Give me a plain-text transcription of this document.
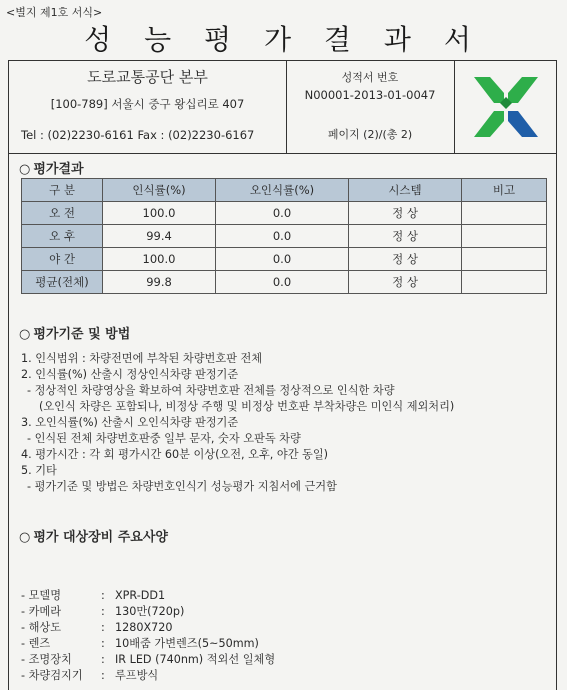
<별지 제1호 서식>
성 능 평 가 결 과 서
도로교통공단 본부
[100-789] 서울시 중구 왕십리로 407
Tel : (02)2230-6161 Fax : (02)2230-6167
성적서 번호
N00001-2013-01-0047
페이지 (2)/(총 2)
○ 평가결과
구 분	인식률(%)	오인식률(%)	시스템	비고
오 전	100.0	0.0	정 상	
오 후	99.4	0.0	정 상	
야 간	100.0	0.0	정 상	
평균(전체)	99.8	0.0	정 상	
○ 평가기준 및 방법
1. 인식범위 : 차량전면에 부착된 차량번호판 전체
2. 인식률(%) 산출시 정상인식차량 판정기준
- 정상적인 차량영상을 확보하여 차량번호판 전체를 정상적으로 인식한 차량
(오인식 차량은 포함되나, 비정상 주행 및 비정상 번호판 부착차량은 미인식 제외처리)
3. 오인식률(%) 산출시 오인식차량 판정기준
- 인식된 전체 차량번호판중 일부 문자, 숫자 오판독 차량
4. 평가시간 : 각 회 평가시간 60분 이상(오전, 오후, 야간 동일)
5. 기타
- 평가기준 및 방법은 차량번호인식기 성능평가 지침서에 근거함
○ 평가 대상장비 주요사양
- 모델명	: XPR-DD1
- 카메라	: 130만(720p)
- 해상도	: 1280X720
- 렌즈	: 10배줌 가변렌즈(5~50mm)
- 조명장치	: IR LED (740nm) 적외선 일체형
- 차량검지기 : 루프방식
